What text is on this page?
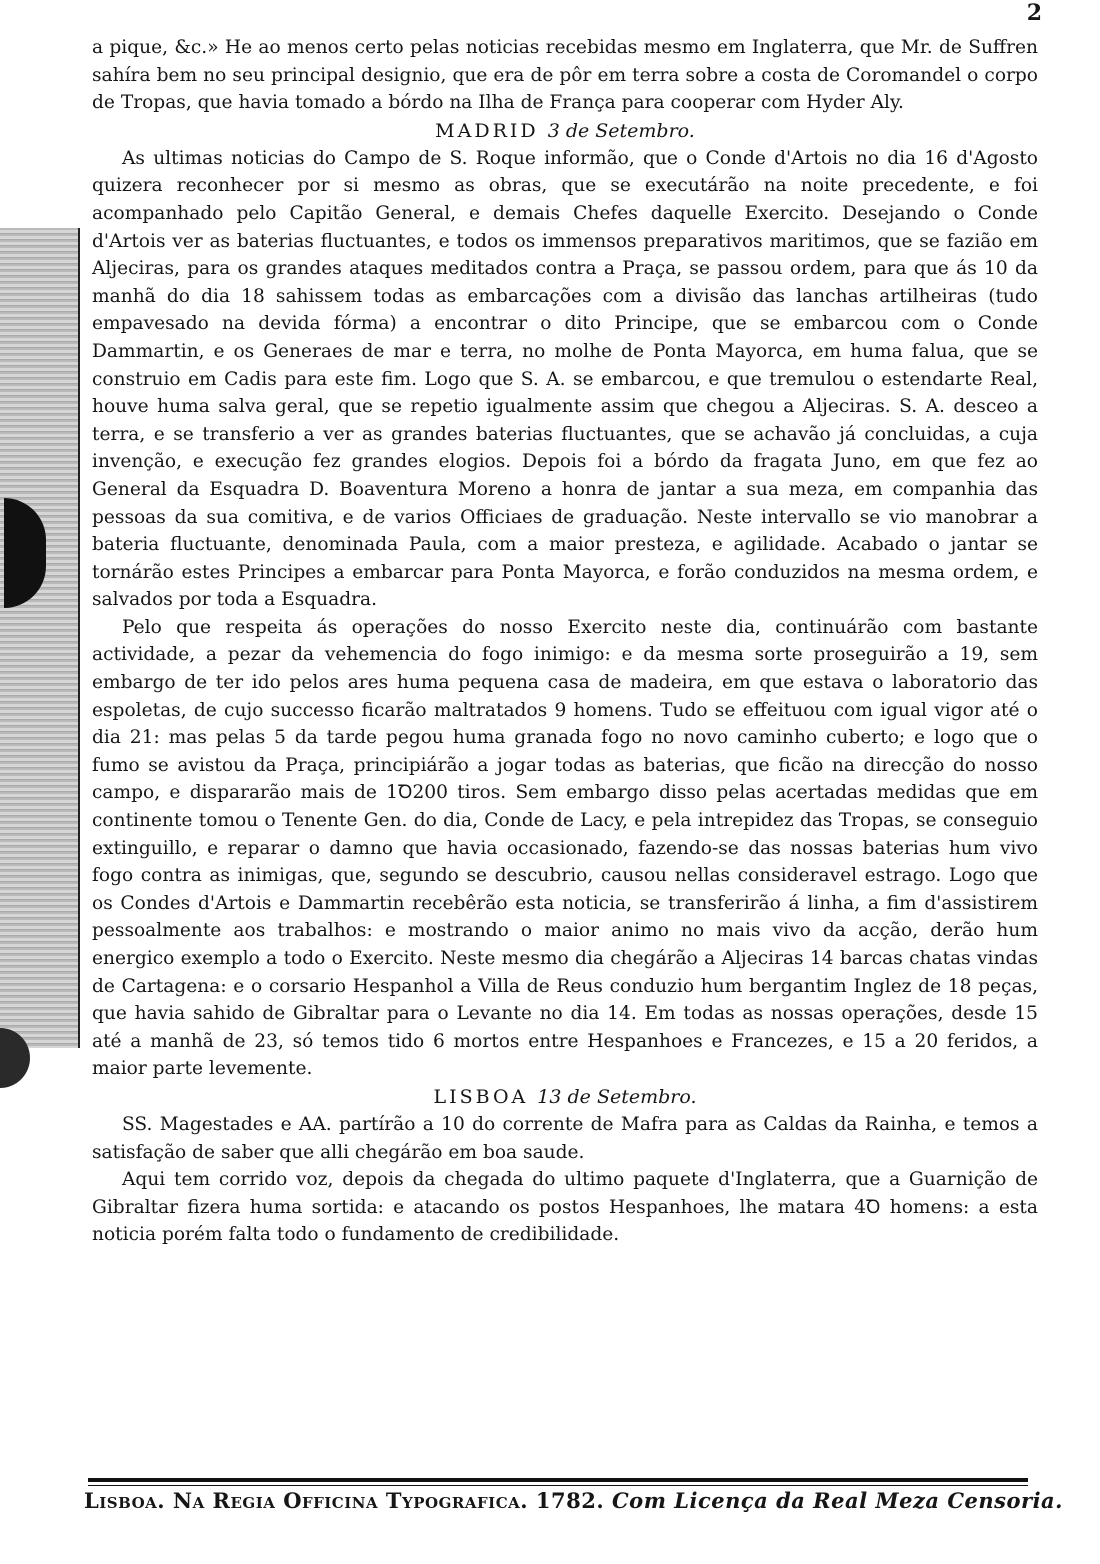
2

a pique, &c.» He ao menos certo pelas noticias recebidas mesmo em Inglaterra, que Mr. de Suffren sahíra bem no seu principal designio, que era de pôr em terra sobre a costa de Coromandel o corpo de Tropas, que havia tomado a bórdo na Ilha de França para cooperar com Hyder Aly.

MADRID 3 de Setembro.

As ultimas noticias do Campo de S. Roque informão, que o Conde d'Artois no dia 16 d'Agosto quizera reconhecer por si mesmo as obras, que se executárão na noite precedente, e foi acompanhado pelo Capitão General, e demais Chefes daquelle Exercito. Desejando o Conde d'Artois ver as baterias fluctuantes, e todos os immensos preparativos maritimos, que se fazião em Aljeciras, para os grandes ataques meditados contra a Praça, se passou ordem, para que ás 10 da manhã do dia 18 sahissem todas as embarcações com a divisão das lanchas artilheiras (tudo empavesado na devida fórma) a encontrar o dito Principe, que se embarcou com o Conde Dammartin, e os Generaes de mar e terra, no molhe de Ponta Mayorca, em huma falua, que se construio em Cadis para este fim. Logo que S. A. se embarcou, e que tremulou o estendarte Real, houve huma salva geral, que se repetio igualmente assim que chegou a Aljeciras. S. A. desceo a terra, e se transferio a ver as grandes baterias fluctuantes, que se achavão já concluidas, a cuja invenção, e execução fez grandes elogios. Depois foi a bórdo da fragata Juno, em que fez ao General da Esquadra D. Boaventura Moreno a honra de jantar a sua meza, em companhia das pessoas da sua comitiva, e de varios Officiaes de graduação. Neste intervallo se vio manobrar a bateria fluctuante, denominada Paula, com a maior presteza, e agilidade. Acabado o jantar se tornárão estes Principes a embarcar para Ponta Mayorca, e forão conduzidos na mesma ordem, e salvados por toda a Esquadra.

Pelo que respeita ás operações do nosso Exercito neste dia, continuárão com bastante actividade, a pezar da vehemencia do fogo inimigo: e da mesma sorte proseguirão a 19, sem embargo de ter ido pelos ares huma pequena casa de madeira, em que estava o laboratorio das espoletas, de cujo successo ficarão maltratados 9 homens. Tudo se effeituou com igual vigor até o dia 21: mas pelas 5 da tarde pegou huma granada fogo no novo caminho cuberto; e logo que o fumo se avistou da Praça, principiárão a jogar todas as baterias, que ficão na direcção do nosso campo, e dispararão mais de 1Ꝺ200 tiros. Sem embargo disso pelas acertadas medidas que em continente tomou o Tenente Gen. do dia, Conde de Lacy, e pela intrepidez das Tropas, se conseguio extinguillo, e reparar o damno que havia occasionado, fazendo-se das nossas baterias hum vivo fogo contra as inimigas, que, segundo se descubrio, causou nellas consideravel estrago. Logo que os Condes d'Artois e Dammartin recebêrão esta noticia, se transferirão á linha, a fim d'assistirem pessoalmente aos trabalhos: e mostrando o maior animo no mais vivo da acção, derão hum energico exemplo a todo o Exercito. Neste mesmo dia chegárão a Aljeciras 14 barcas chatas vindas de Cartagena: e o corsario Hespanhol a Villa de Reus conduzio hum bergantim Inglez de 18 peças, que havia sahido de Gibraltar para o Levante no dia 14. Em todas as nossas operações, desde 15 até a manhã de 23, só temos tido 6 mortos entre Hespanhoes e Francezes, e 15 a 20 feridos, a maior parte levemente.

LISBOA 13 de Setembro.

SS. Magestades e AA. partírão a 10 do corrente de Mafra para as Caldas da Rainha, e temos a satisfação de saber que alli chegárão em boa saude.

Aqui tem corrido voz, depois da chegada do ultimo paquete d'Inglaterra, que a Guarnição de Gibraltar fizera huma sortida: e atacando os postos Hespanhoes, lhe matara 4Ꝺ homens: a esta noticia porém falta todo o fundamento de credibilidade.

Lisboa. Na Regia Officina Typografica. 1782. Com Licença da Real Meza Censoria.
